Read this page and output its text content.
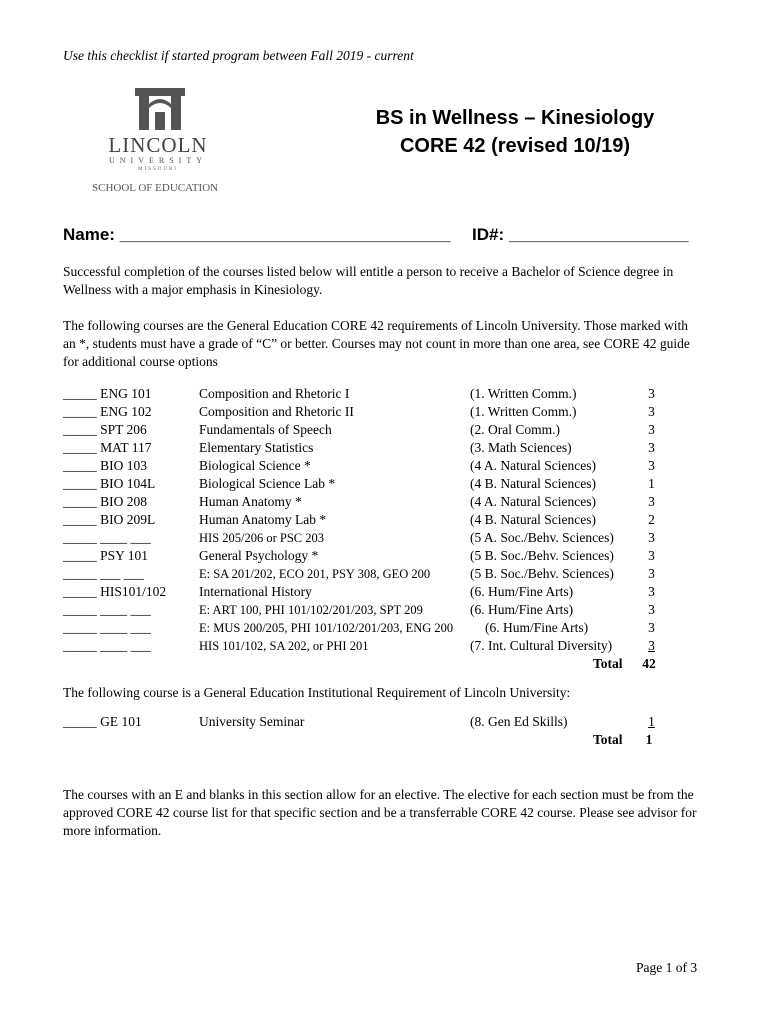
Use this checklist if started program between Fall 2019 - current
LINCOLN
UNIVERSITY
MISSOURI
SCHOOL OF EDUCATION
BS in Wellness – Kinesiology
CORE 42 (revised 10/19)
Name: ___________________________________ ID#: ___________________
Successful completion of the courses listed below will entitle a person to receive a Bachelor of Science degree in Wellness with a major emphasis in Kinesiology.
The following courses are the General Education CORE 42 requirements of Lincoln University. Those marked with an *, students must have a grade of “C” or better. Courses may not count in more than one area, see CORE 42 guide for additional course options
_____ ENG 101	Composition and Rhetoric I	(1. Written Comm.)	3
_____ ENG 102	Composition and Rhetoric II	(1. Written Comm.)	3
_____ SPT 206	Fundamentals of Speech	(2. Oral Comm.)	3
_____ MAT 117	Elementary Statistics	(3. Math Sciences)	3
_____ BIO 103	Biological Science *	(4 A. Natural Sciences)	3
_____ BIO 104L	Biological Science Lab *	(4 B. Natural Sciences)	1
_____ BIO 208	Human Anatomy *	(4 A. Natural Sciences)	3
_____ BIO 209L	Human Anatomy Lab *	(4 B. Natural Sciences)	2
_____ ____ ___	HIS 205/206 or PSC 203	(5 A. Soc./Behv. Sciences)	3
_____ PSY 101	General Psychology *	(5 B. Soc./Behv. Sciences)	3
_____ ___ ___	E: SA 201/202, ECO 201, PSY 308, GEO 200	(5 B. Soc./Behv. Sciences)	3
_____ HIS101/102 International History	(6. Hum/Fine Arts)	3
_____ ____ ___	E: ART 100, PHI 101/102/201/203, SPT 209	(6. Hum/Fine Arts)	3
_____ ____ ___	E: MUS 200/205, PHI 101/102/201/203, ENG 200 (6. Hum/Fine Arts)	3
_____ ____ ___	HIS 101/102, SA 202, or PHI 201	(7. Int. Cultural Diversity)	3
Total	42
The following course is a General Education Institutional Requirement of Lincoln University:
_____ GE 101	University Seminar	(8. Gen Ed Skills)	1
Total	1
The courses with an E and blanks in this section allow for an elective. The elective for each section must be from the approved CORE 42 course list for that specific section and be a transferrable CORE 42 course. Please see advisor for more information.
Page 1 of 3
